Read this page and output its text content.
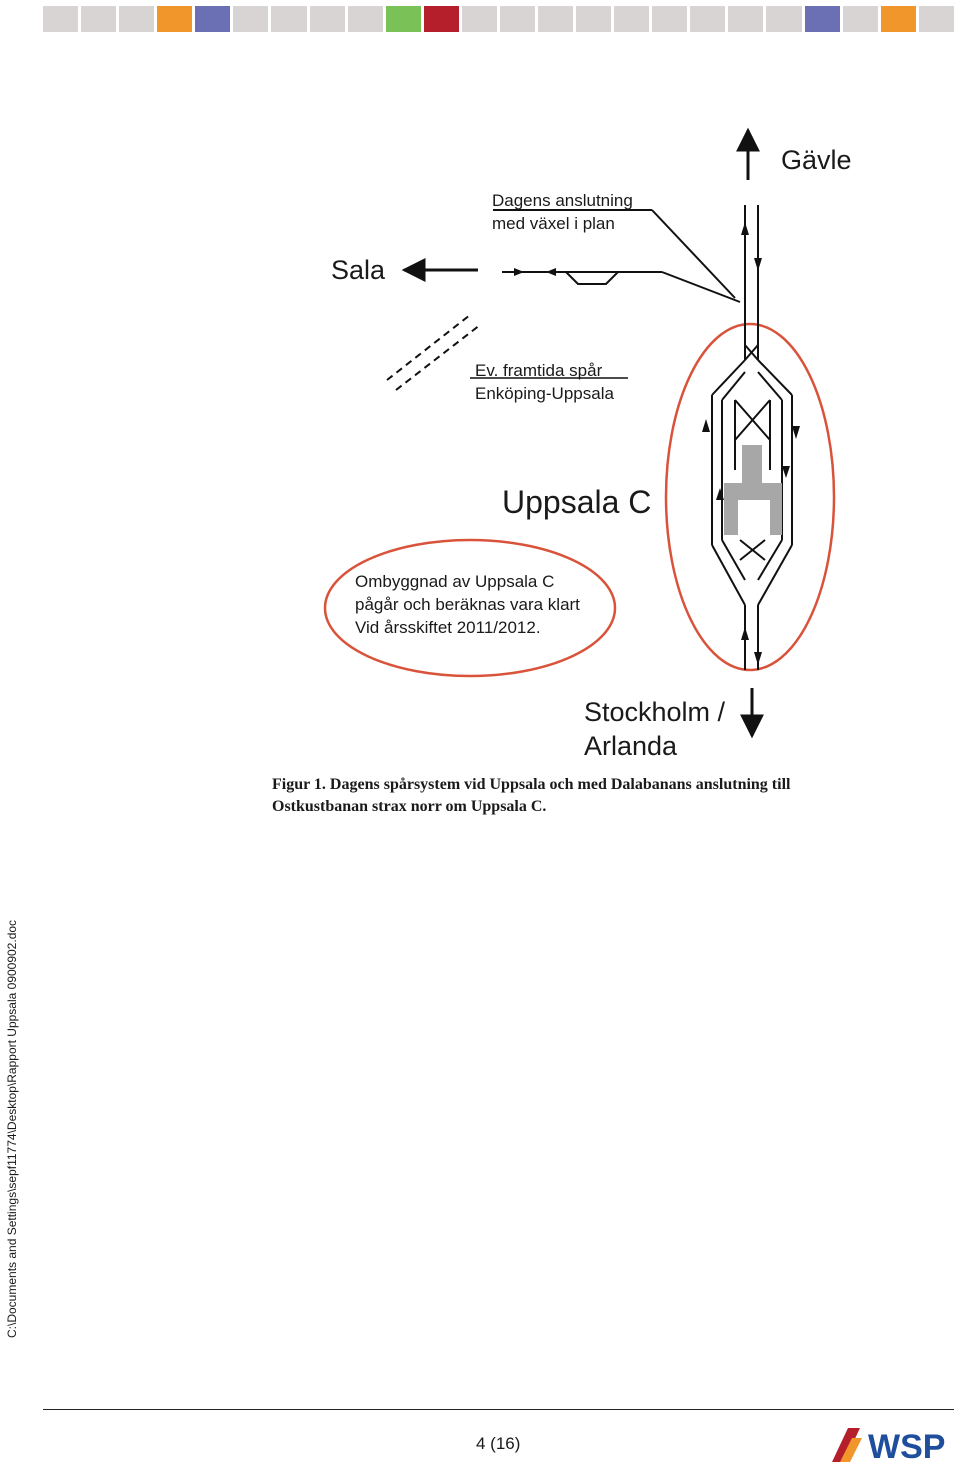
Gävle
Sala
Dagens anslutning
med växel i plan
Ev. framtida spår
Enköping-Uppsala
Uppsala C
Ombyggnad av Uppsala C
pågår och beräknas vara klart
Vid årsskiftet 2011/2012.
Stockholm /
Arlanda
Figur 1. Dagens spårsystem vid Uppsala och med Dalabanans anslutning till
Ostkustbanan strax norr om Uppsala C.
C:\Documents and Settings\sepf11774\Desktop\Rapport Uppsala 0900902.doc
4 (16)	WSP
